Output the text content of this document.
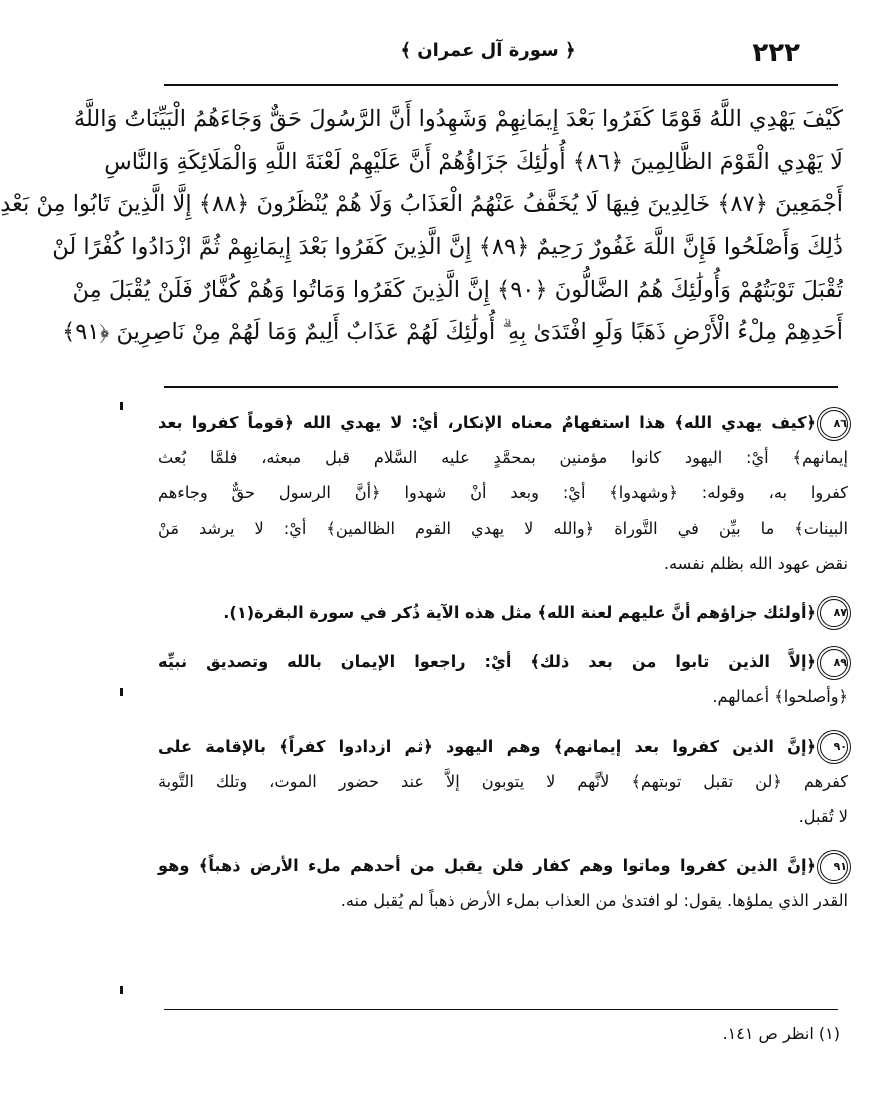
٢٢٢
﴿ سورة آل عمران ﴾
كَيْفَ يَهْدِي اللَّهُ قَوْمًا كَفَرُوا بَعْدَ إِيمَانِهِمْ وَشَهِدُوا أَنَّ الرَّسُولَ حَقٌّ وَجَاءَهُمُ الْبَيِّنَاتُ وَاللَّهُ
لَا يَهْدِي الْقَوْمَ الظَّالِمِينَ ﴿٨٦﴾ أُولَٰئِكَ جَزَاؤُهُمْ أَنَّ عَلَيْهِمْ لَعْنَةَ اللَّهِ وَالْمَلَائِكَةِ وَالنَّاسِ
أَجْمَعِينَ ﴿٨٧﴾ خَالِدِينَ فِيهَا لَا يُخَفَّفُ عَنْهُمُ الْعَذَابُ وَلَا هُمْ يُنْظَرُونَ ﴿٨٨﴾ إِلَّا الَّذِينَ تَابُوا مِنْ بَعْدِ
ذَٰلِكَ وَأَصْلَحُوا فَإِنَّ اللَّهَ غَفُورٌ رَحِيمٌ ﴿٨٩﴾ إِنَّ الَّذِينَ كَفَرُوا بَعْدَ إِيمَانِهِمْ ثُمَّ ازْدَادُوا كُفْرًا لَنْ
تُقْبَلَ تَوْبَتُهُمْ وَأُولَٰئِكَ هُمُ الضَّالُّونَ ﴿٩٠﴾ إِنَّ الَّذِينَ كَفَرُوا وَمَاتُوا وَهُمْ كُفَّارٌ فَلَنْ يُقْبَلَ مِنْ
أَحَدِهِمْ مِلْءُ الْأَرْضِ ذَهَبًا وَلَوِ افْتَدَىٰ بِهِ ۗ أُولَٰئِكَ لَهُمْ عَذَابٌ أَلِيمٌ وَمَا لَهُمْ مِنْ نَاصِرِينَ ﴿٩١﴾
٨٦﴿كيف يهدي الله﴾ هذا استفهامٌ معناه الإنكار، أيْ: لا يهدي الله ﴿قوماً كفروا بعد
إيمانهم﴾ أيْ: اليهود كانوا مؤمنين بمحمَّدٍ عليه السَّلام قبل مبعثه، فلمَّا بُعث
كفروا به، وقوله: ﴿وشهدوا﴾ أيْ: وبعد أنْ شهدوا ﴿أنَّ الرسول حقٌّ وجاءهم
البينات﴾ ما بيِّن في التَّوراة ﴿والله لا يهدي القوم الظالمين﴾ أيْ: لا يرشد مَنْ
نقض عهود الله بظلم نفسه.
٨٧﴿أولئك جزاؤهم أنَّ عليهم لعنة الله﴾ مثل هذه الآية ذُكر في سورة البقرة(١).
٨٩﴿إلاَّ الذين تابوا من بعد ذلك﴾ أيْ: راجعوا الإيمان بالله وتصديق نبيِّه
﴿وأصلحوا﴾ أعمالهم.
٩٠﴿إنَّ الذين كفروا بعد إيمانهم﴾ وهم اليهود ﴿ثم ازدادوا كفراً﴾ بالإقامة على
كفرهم ﴿لن تقبل توبتهم﴾ لأنَّهم لا يتوبون إلاَّ عند حضور الموت، وتلك التَّوبة
لا تُقبل.
٩١﴿إنَّ الذين كفروا وماتوا وهم كفار فلن يقبل من أحدهم ملء الأرض ذهباً﴾ وهو
القدر الذي يملؤها. يقول: لو افتدىٰ من العذاب بملء الأرض ذهباً لم يُقبل منه.
(١) انظر ص ١٤١.
